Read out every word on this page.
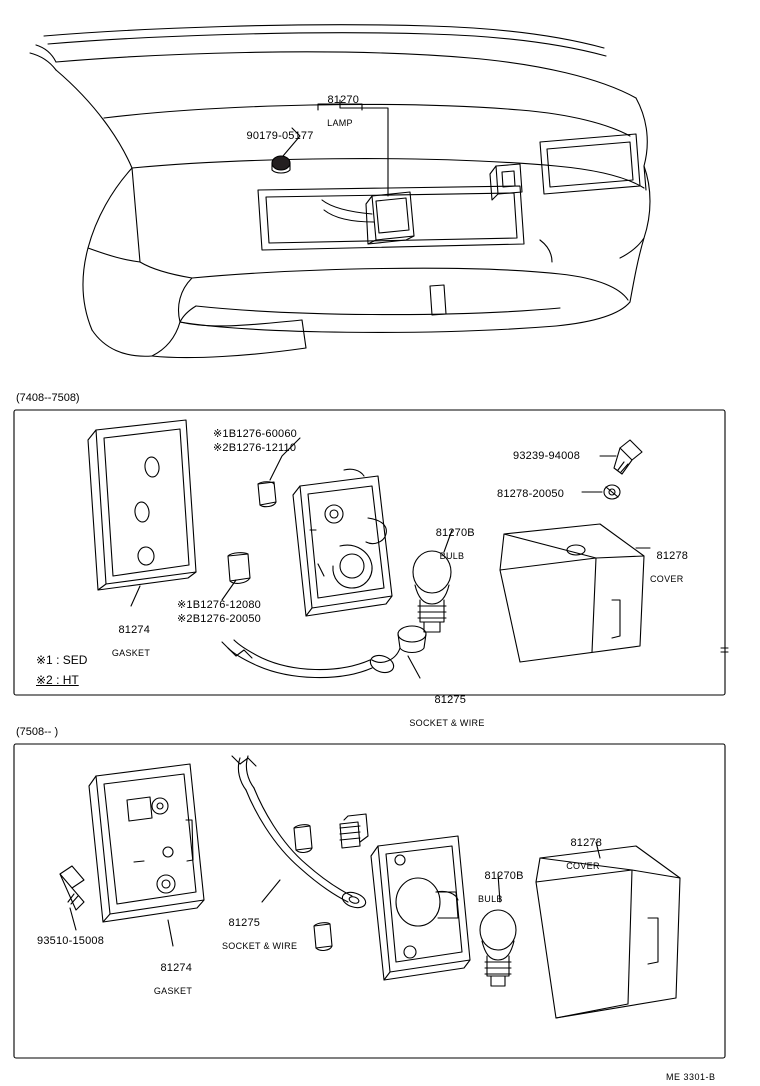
81270

LAMP

90179-05177

(7408--7508)
※1B1276-60060
※2B1276-12110
※1B1276-12080
※2B1276-20050

81274

GASKET

81270B

BULB

81275

SOCKET & WIRE

81278

COVER

93239-94008
81278-20050
※1 : SED
※2 : HT
(7508-- )
93510-15008

81274

GASKET

81275

SOCKET & WIRE

81270B

BULB

81278

COVER

ME 3301-B
